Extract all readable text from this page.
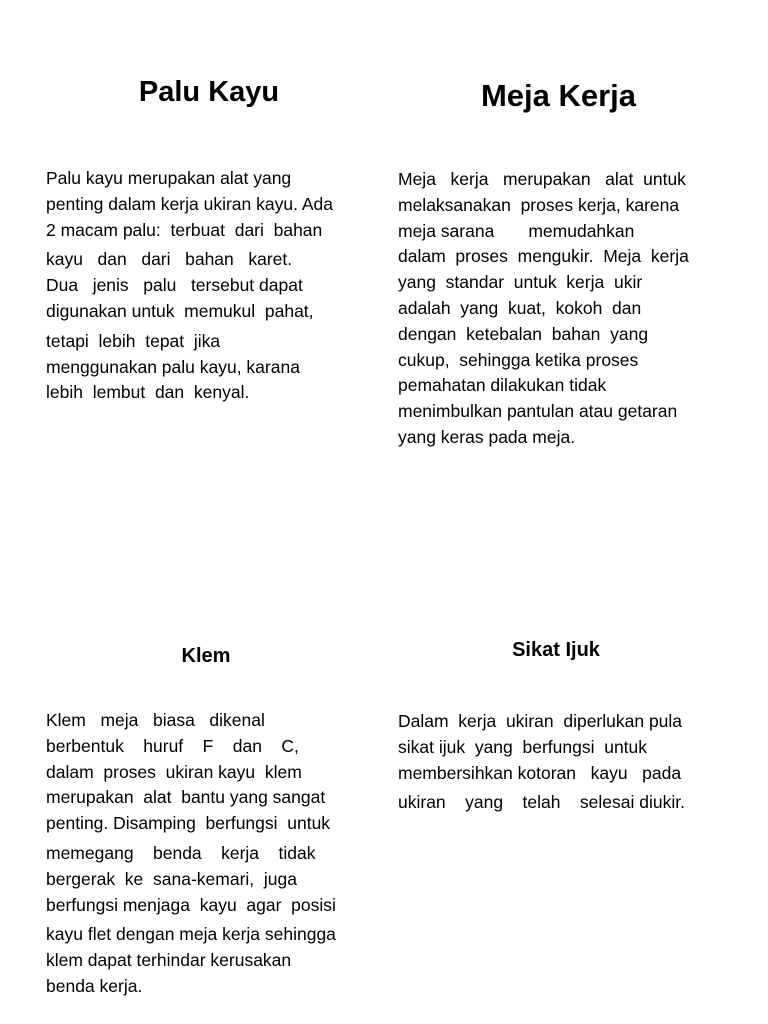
Palu Kayu
Palu kayu merupakan alat yang
penting dalam kerja ukiran kayu. Ada
2 macam palu:  terbuat  dari  bahan
kayu   dan   dari   bahan   karet.
Dua   jenis   palu   tersebut dapat
digunakan untuk  memukul  pahat,
tetapi  lebih  tepat  jika
menggunakan palu kayu, karana
lebih  lembut  dan  kenyal.
Meja Kerja
Meja   kerja   merupakan   alat  untuk
melaksanakan  proses kerja, karena
meja sarana       memudahkan
dalam  proses  mengukir.  Meja  kerja
yang  standar  untuk  kerja  ukir
adalah  yang  kuat,  kokoh  dan
dengan  ketebalan  bahan  yang
cukup,  sehingga ketika proses
pemahatan dilakukan tidak
menimbulkan pantulan atau getaran
yang keras pada meja.
Klem
Klem   meja   biasa   dikenal
berbentuk    huruf    F    dan    C,
dalam  proses  ukiran kayu  klem
merupakan  alat  bantu yang sangat
penting. Disamping  berfungsi  untuk
memegang    benda    kerja    tidak
bergerak  ke  sana-kemari,  juga
berfungsi menjaga  kayu  agar  posisi
kayu flet dengan meja kerja sehingga
klem dapat terhindar kerusakan
benda kerja.
Sikat Ijuk
Dalam  kerja  ukiran  diperlukan pula
sikat ijuk  yang  berfungsi  untuk
membersihkan kotoran   kayu   pada
ukiran    yang    telah    selesai diukir.
